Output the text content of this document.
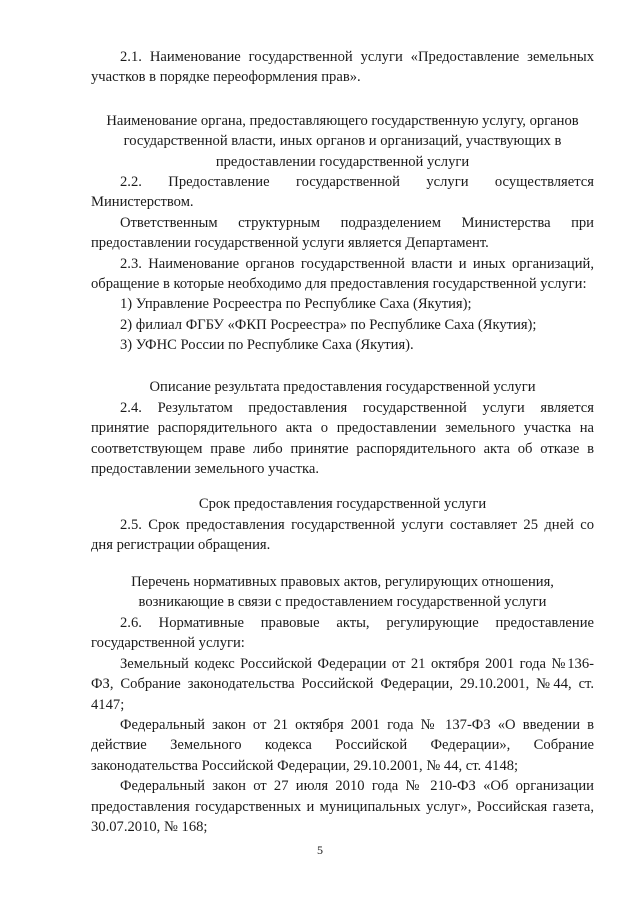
2.1. Наименование государственной услуги «Предоставление земельных участков в порядке переоформления прав».

Наименование органа, предоставляющего государственную услугу, органов государственной власти, иных органов и организаций, участвующих в предоставлении государственной услуги

2.2. Предоставление государственной услуги осуществляется Министерством.

Ответственным структурным подразделением Министерства при предоставлении государственной услуги является Департамент.

2.3. Наименование органов государственной власти и иных организаций, обращение в которые необходимо для предоставления государственной услуги:

1) Управление Росреестра по Республике Саха (Якутия);

2) филиал ФГБУ «ФКП Росреестра» по Республике Саха (Якутия);

3) УФНС России по Республике Саха (Якутия).

Описание результата предоставления государственной услуги

2.4. Результатом предоставления государственной услуги является принятие распорядительного акта о предоставлении земельного участка на соответствующем праве либо принятие распорядительного акта об отказе в предоставлении земельного участка.

Срок предоставления государственной услуги

2.5. Срок предоставления государственной услуги составляет 25 дней со дня регистрации обращения.

Перечень нормативных правовых актов, регулирующих отношения, возникающие в связи с предоставлением государственной услуги

2.6. Нормативные правовые акты, регулирующие предоставление государственной услуги:

Земельный кодекс Российской Федерации от 21 октября 2001 года №136-ФЗ, Собрание законодательства Российской Федерации, 29.10.2001, №44, ст. 4147;

Федеральный закон от 21 октября 2001 года № 137-ФЗ «О введении в действие Земельного кодекса Российской Федерации», Собрание законодательства Российской Федерации, 29.10.2001, № 44, ст. 4148;

Федеральный закон от 27 июля 2010 года № 210-ФЗ «Об организации предоставления государственных и муниципальных услуг», Российская газета, 30.07.2010, № 168;

5
